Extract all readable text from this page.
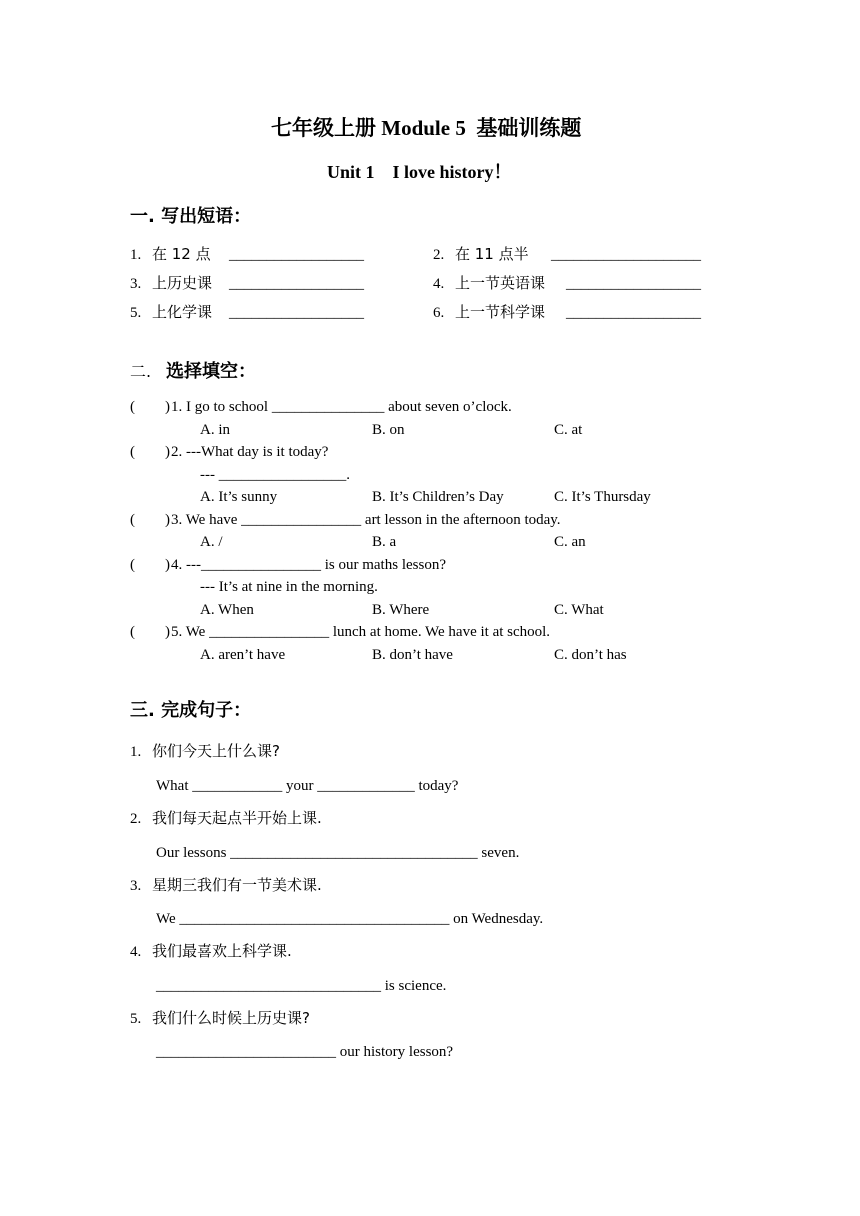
七年级上册 Module 5  基础训练题
Unit 1    I love history！
一. 写出短语：
1. 在 12 点 __________________	2. 在 11 点半 ____________________
3. 上历史课 __________________	4. 上一节英语课 __________________
5. 上化学课 __________________	6. 上一节科学课 __________________
二. 选择填空：
(        ) 1. I go to school _______________ about seven o’clock.
A. in	B. on	C. at
(        ) 2. ---What day is it today?
--- _________________.
A. It’s sunny	B. It’s Children’s Day	C. It’s Thursday
(        ) 3. We have ________________ art lesson in the afternoon today.
A. /	B. a	C. an
(        ) 4. ---________________ is our maths lesson?
--- It’s at nine in the morning.
A. When	B. Where	C. What
(        ) 5. We ________________ lunch at home. We have it at school.
A. aren’t have	B. don’t have	C. don’t has
三. 完成句子：
1. 你们今天上什么课?
What ____________ your _____________ today?
2. 我们每天起点半开始上课.
Our lessons _________________________________ seven.
3. 星期三我们有一节美术课.
We ____________________________________ on Wednesday.
4. 我们最喜欢上科学课.
______________________________ is science.
5. 我们什么时候上历史课?
________________________ our history lesson?
